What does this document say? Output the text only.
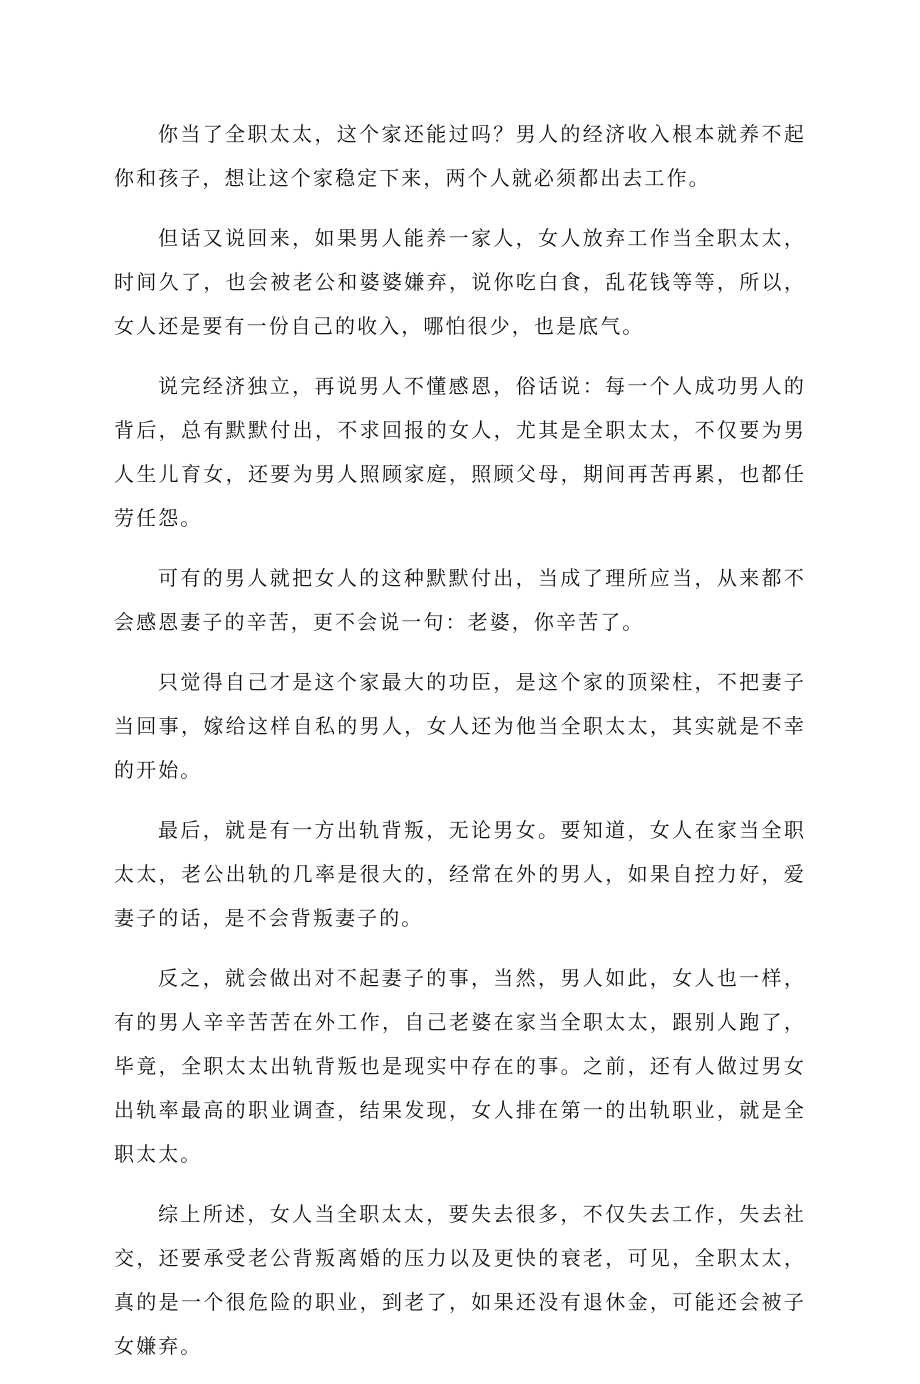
你当了全职太太，这个家还能过吗？男人的经济收入根本就养不起你和孩子，想让这个家稳定下来，两个人就必须都出去工作。

但话又说回来，如果男人能养一家人，女人放弃工作当全职太太，时间久了，也会被老公和婆婆嫌弃，说你吃白食，乱花钱等等，所以，女人还是要有一份自己的收入，哪怕很少，也是底气。

说完经济独立，再说男人不懂感恩，俗话说：每一个人成功男人的背后，总有默默付出，不求回报的女人，尤其是全职太太，不仅要为男人生儿育女，还要为男人照顾家庭，照顾父母，期间再苦再累，也都任劳任怨。

可有的男人就把女人的这种默默付出，当成了理所应当，从来都不会感恩妻子的辛苦，更不会说一句：老婆，你辛苦了。

只觉得自己才是这个家最大的功臣，是这个家的顶梁柱，不把妻子当回事，嫁给这样自私的男人，女人还为他当全职太太，其实就是不幸的开始。

最后，就是有一方出轨背叛，无论男女。要知道，女人在家当全职太太，老公出轨的几率是很大的，经常在外的男人，如果自控力好，爱妻子的话，是不会背叛妻子的。

反之，就会做出对不起妻子的事，当然，男人如此，女人也一样，有的男人辛辛苦苦在外工作，自己老婆在家当全职太太，跟别人跑了，毕竟，全职太太出轨背叛也是现实中存在的事。之前，还有人做过男女出轨率最高的职业调查，结果发现，女人排在第一的出轨职业，就是全职太太。

综上所述，女人当全职太太，要失去很多，不仅失去工作，失去社交，还要承受老公背叛离婚的压力以及更快的衰老，可见，全职太太，真的是一个很危险的职业，到老了，如果还没有退休金，可能还会被子女嫌弃。
